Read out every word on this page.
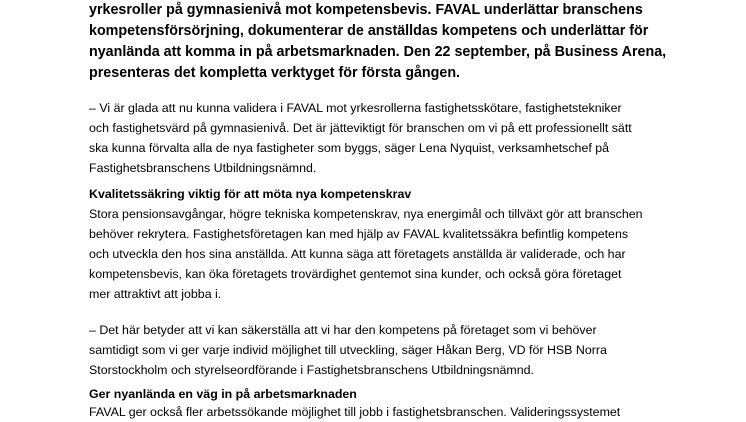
yrkesroller på gymnasienivå mot kompetensbevis. FAVAL underlättar branschens
kompetensförsörjning, dokumenterar de anställdas kompetens och underlättar för
nyanlända att komma in på arbetsmarknaden. Den 22 september, på Business Arena,
presenteras det kompletta verktyget för första gången.

– Vi är glada att nu kunna validera i FAVAL mot yrkesrollerna fastighetsskötare, fastighetstekniker
och fastighetsvärd på gymnasienivå. Det är jätteviktigt för branschen om vi på ett professionellt sätt
ska kunna förvalta alla de nya fastigheter som byggs, säger Lena Nyquist, verksamhetschef på
Fastighetsbranschens Utbildningsnämnd.

Kvalitetssäkring viktig för att möta nya kompetenskrav

Stora pensionsavgångar, högre tekniska kompetenskrav, nya energimål och tillväxt gör att branschen
behöver rekrytera. Fastighetsföretagen kan med hjälp av FAVAL kvalitetssäkra befintlig kompetens
och utveckla den hos sina anställda. Att kunna säga att företagets anställda är validerade, och har
kompetensbevis, kan öka företagets trovärdighet gentemot sina kunder, och också göra företaget
mer attraktivt att jobba i.

– Det här betyder att vi kan säkerställa att vi har den kompetens på företaget som vi behöver
samtidigt som vi ger varje individ möjlighet till utveckling, säger Håkan Berg, VD för HSB Norra
Storstockholm och styrelseordförande i Fastighetsbranschens Utbildningsnämnd.

Ger nyanlända en väg in på arbetsmarknaden

FAVAL ger också fler arbetssökande möjlighet till jobb i fastighetsbranschen. Valideringssystemet
